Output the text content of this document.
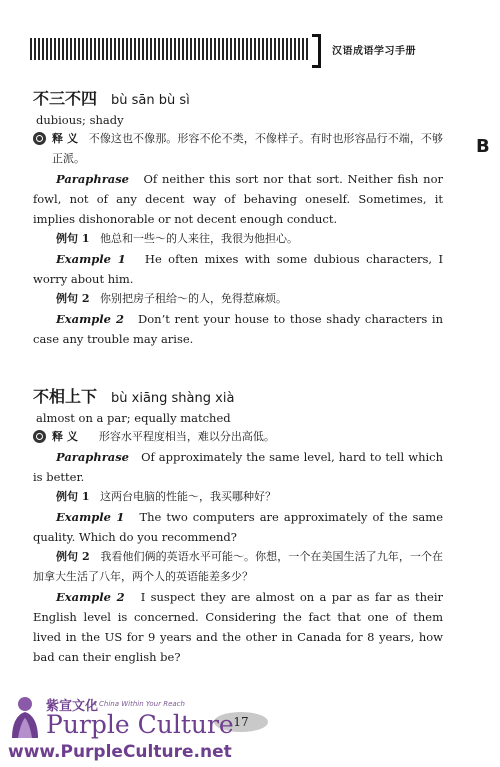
汉语成语学习手册
B
不三不四 bù sān bù sì
dubious; shady
释 义 不像这也不像那。形容不伦不类，不像样子。有时也形容品行不端，不够正派。
Paraphrase Of neither this sort nor that sort. Neither fish nor fowl, not of any decent way of behaving oneself. Sometimes, it implies dishonorable or not decent enough conduct.
例句 1 他总和一些～的人来往，我很为他担心。
Example 1 He often mixes with some dubious characters, I worry about him.
例句 2 你别把房子租给～的人，免得惹麻烦。
Example 2 Don’t rent your house to those shady characters in case any trouble may arise.
不相上下 bù xiāng shàng xià
almost on a par; equally matched
释 义 形容水平程度相当，难以分出高低。
Paraphrase Of approximately the same level, hard to tell which is better.
例句 1 这两台电脑的性能～，我买哪种好？
Example 1 The two computers are approximately of the same quality. Which do you recommend?
例句 2 我看他们俩的英语水平可能～。你想，一个在美国生活了九年，一个在加拿大生活了八年，两个人的英语能差多少？
Example 2 I suspect they are almost on a par as far as their English level is concerned. Considering the fact that one of them lived in the US for 9 years and the other in Canada for 8 years, how bad can their english be?
17
紫宣文化
A China Within Your Reach
Purple Culture
www.PurpleCulture.net
